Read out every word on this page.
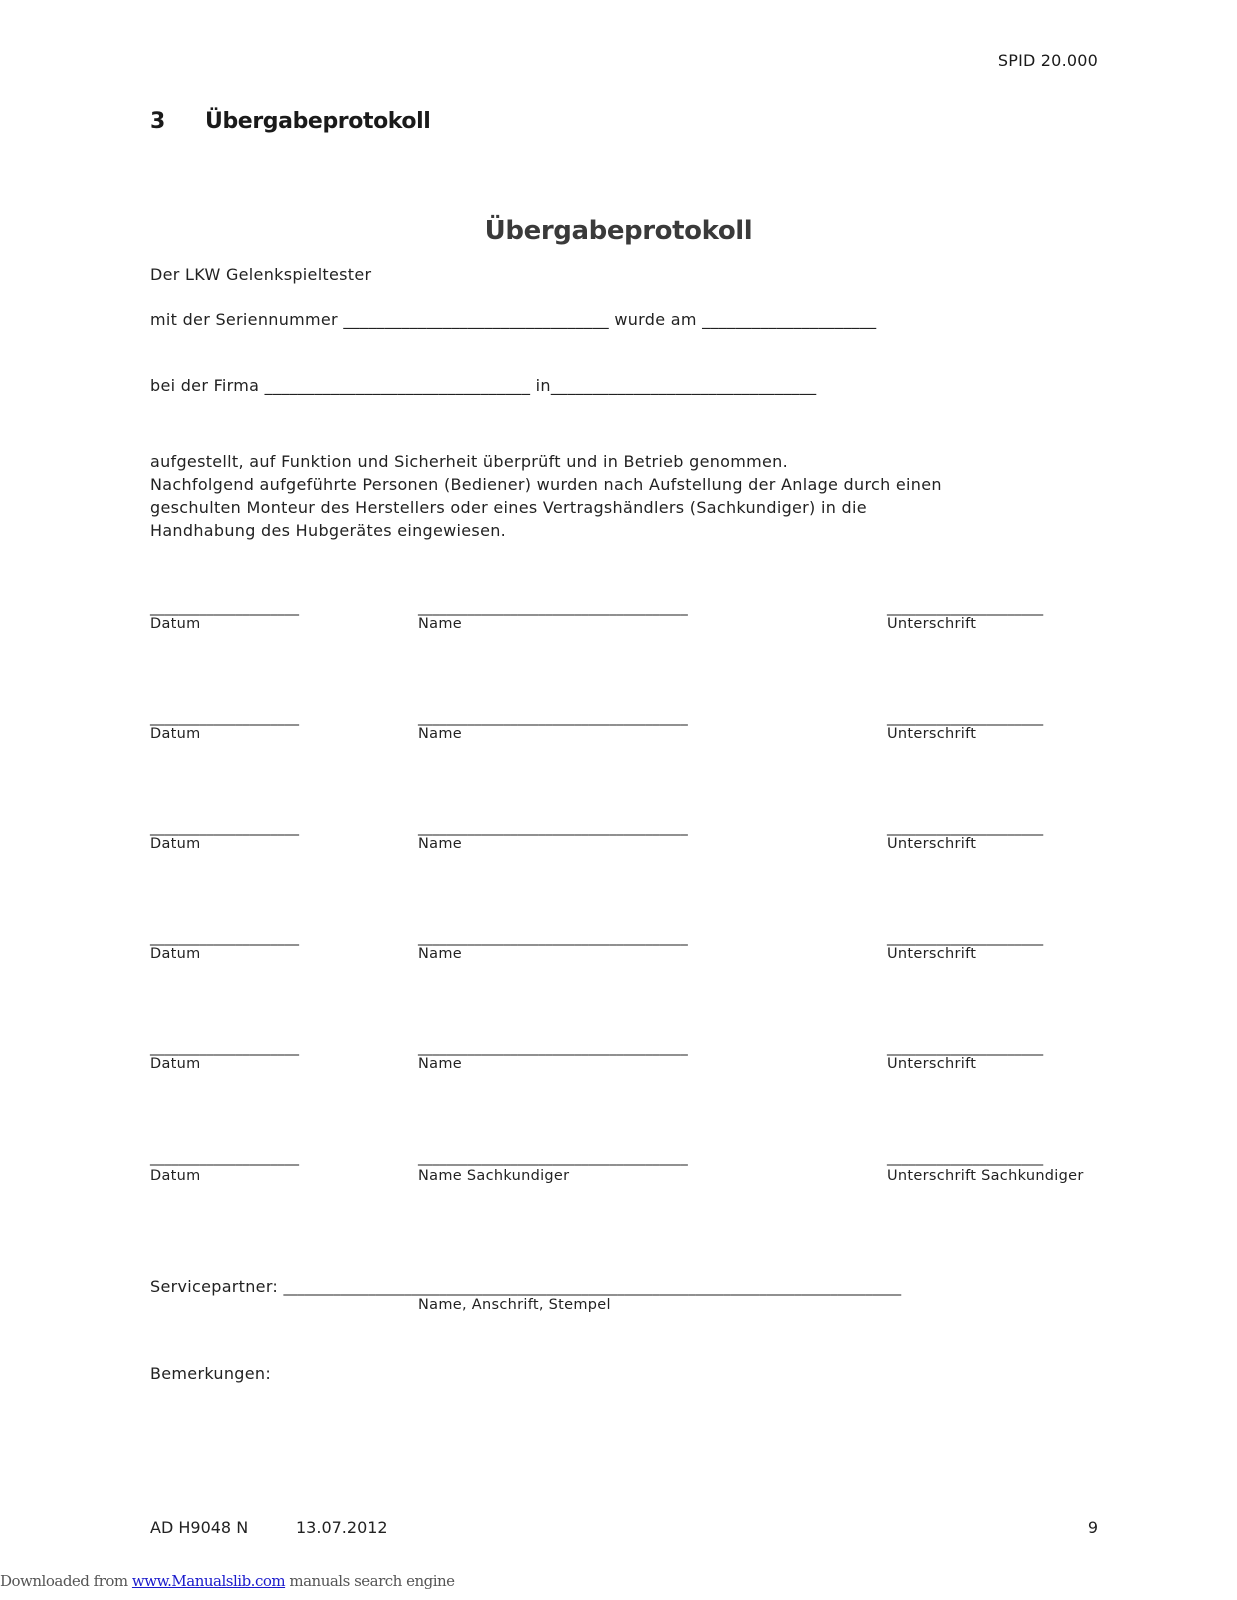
SPID 20.000
3 Übergabeprotokoll
Übergabeprotokoll
Der LKW Gelenkspieltester
mit der Seriennummer ________________________________ wurde am _____________________
bei der Firma ________________________________ in________________________________
aufgestellt, auf Funktion und Sicherheit überprüft und in Betrieb genommen.
Nachfolgend aufgeführte Personen (Bediener) wurden nach Aufstellung der Anlage durch einen
geschulten Monteur des Herstellers oder eines Vertragshändlers (Sachkundiger) in die
Handhabung des Hubgerätes eingewiesen.
_____________________	______________________________________	______________________
Datum	Name	Unterschrift
_____________________	______________________________________	______________________
Datum	Name	Unterschrift
_____________________	______________________________________	______________________
Datum	Name	Unterschrift
_____________________	______________________________________	______________________
Datum	Name	Unterschrift
_____________________	______________________________________	______________________
Datum	Name	Unterschrift
_____________________	______________________________________	______________________
Datum	Name Sachkundiger	Unterschrift Sachkundiger
Servicepartner: _______________________________________________________________________________________
Name, Anschrift, Stempel
Bemerkungen:
AD H9048 N	13.07.2012	9
Downloaded from www.Manualslib.com manuals search engine
